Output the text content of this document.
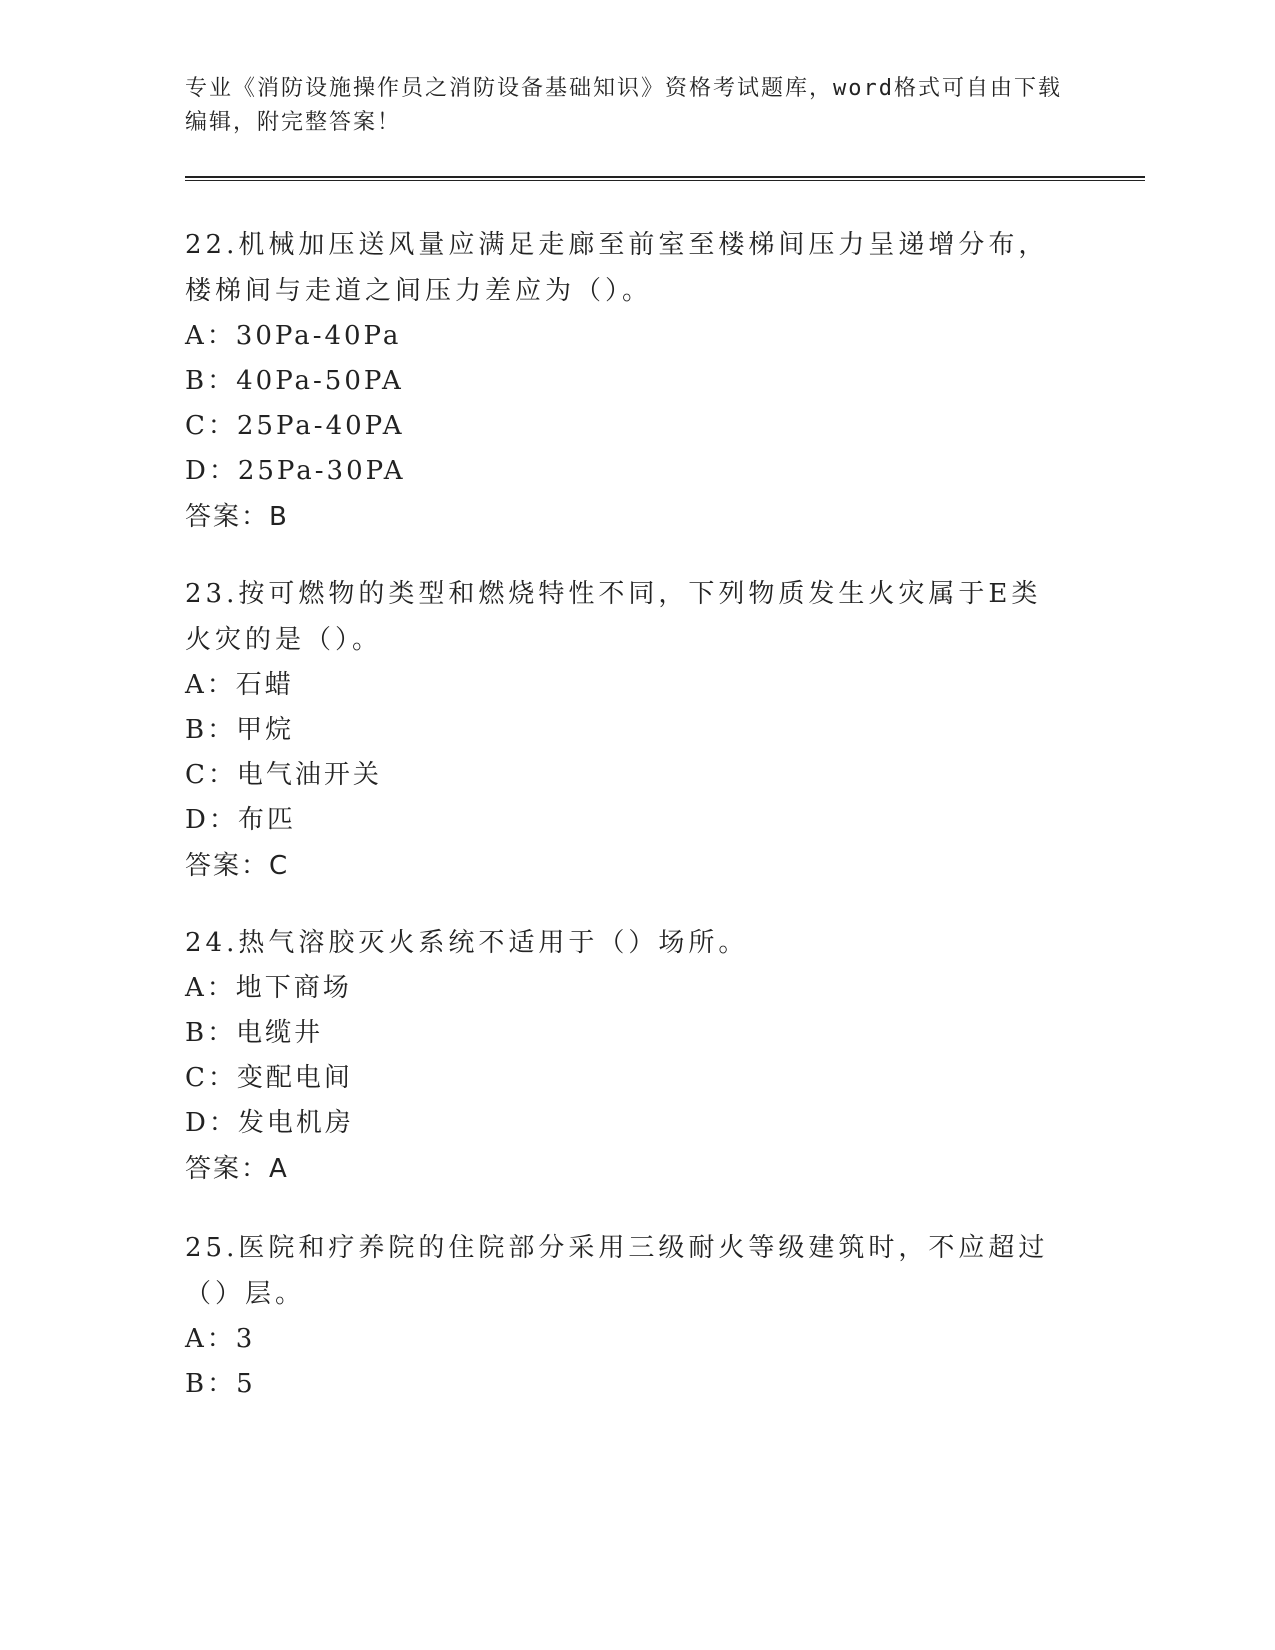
专业《消防设施操作员之消防设备基础知识》资格考试题库，word格式可自由下载编辑，附完整答案！

22.机械加压送风量应满足走廊至前室至楼梯间压力呈递增分布，楼梯间与走道之间压力差应为（）。

A：30Pa-40Pa

B：40Pa-50PA

C：25Pa-40PA

D：25Pa-30PA

答案：B

23.按可燃物的类型和燃烧特性不同，下列物质发生火灾属于E类火灾的是（）。

A：石蜡

B：甲烷

C：电气油开关

D：布匹

答案：C

24.热气溶胶灭火系统不适用于（）场所。

A：地下商场

B：电缆井

C：变配电间

D：发电机房

答案：A

25.医院和疗养院的住院部分采用三级耐火等级建筑时，不应超过（）层。

A：3

B：5
